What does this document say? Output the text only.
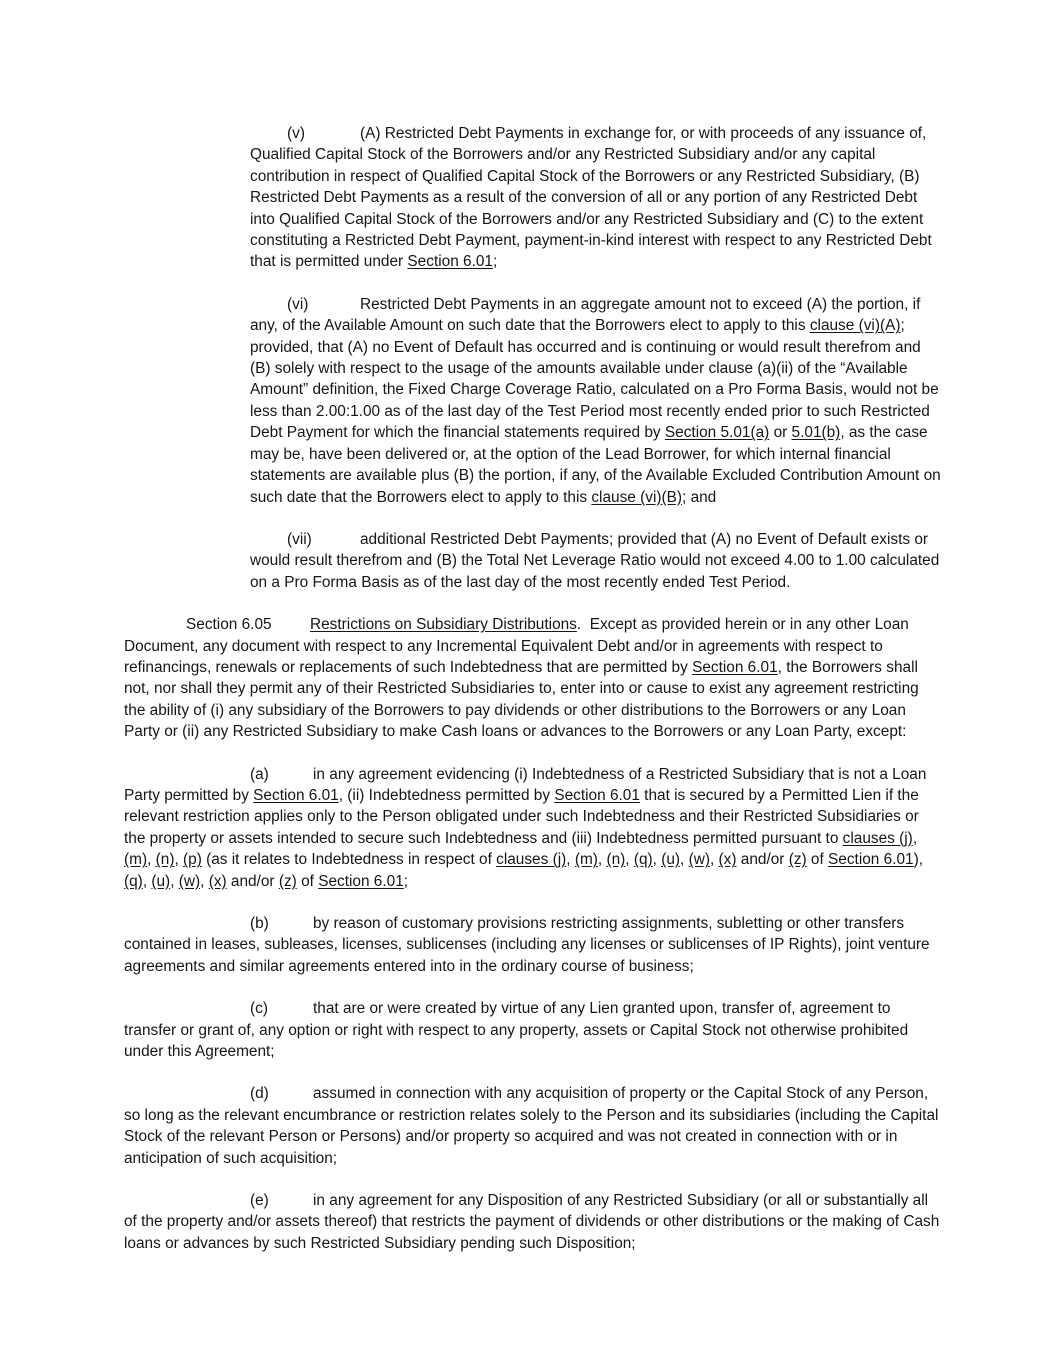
(v)	(A) Restricted Debt Payments in exchange for, or with proceeds of any issuance of, Qualified Capital Stock of the Borrowers and/or any Restricted Subsidiary and/or any capital contribution in respect of Qualified Capital Stock of the Borrowers or any Restricted Subsidiary, (B) Restricted Debt Payments as a result of the conversion of all or any portion of any Restricted Debt into Qualified Capital Stock of the Borrowers and/or any Restricted Subsidiary and (C) to the extent constituting a Restricted Debt Payment, payment-in-kind interest with respect to any Restricted Debt that is permitted under Section 6.01;

(vi)	Restricted Debt Payments in an aggregate amount not to exceed (A) the portion, if any, of the Available Amount on such date that the Borrowers elect to apply to this clause (vi)(A); provided, that (A) no Event of Default has occurred and is continuing or would result therefrom and (B) solely with respect to the usage of the amounts available under clause (a)(ii) of the “Available Amount” definition, the Fixed Charge Coverage Ratio, calculated on a Pro Forma Basis, would not be less than 2.00:1.00 as of the last day of the Test Period most recently ended prior to such Restricted Debt Payment for which the financial statements required by Section 5.01(a) or 5.01(b), as the case may be, have been delivered or, at the option of the Lead Borrower, for which internal financial statements are available plus (B) the portion, if any, of the Available Excluded Contribution Amount on such date that the Borrowers elect to apply to this clause (vi)(B); and

(vii)	additional Restricted Debt Payments; provided that (A) no Event of Default exists or would result therefrom and (B) the Total Net Leverage Ratio would not exceed 4.00 to 1.00 calculated on a Pro Forma Basis as of the last day of the most recently ended Test Period.

Section 6.05 Restrictions on Subsidiary Distributions.  Except as provided herein or in any other Loan Document, any document with respect to any Incremental Equivalent Debt and/or in agreements with respect to refinancings, renewals or replacements of such Indebtedness that are permitted by Section 6.01, the Borrowers shall not, nor shall they permit any of their Restricted Subsidiaries to, enter into or cause to exist any agreement restricting the ability of (i) any subsidiary of the Borrowers to pay dividends or other distributions to the Borrowers or any Loan Party or (ii) any Restricted Subsidiary to make Cash loans or advances to the Borrowers or any Loan Party, except:

(a)	in any agreement evidencing (i) Indebtedness of a Restricted Subsidiary that is not a Loan Party permitted by Section 6.01, (ii) Indebtedness permitted by Section 6.01 that is secured by a Permitted Lien if the relevant restriction applies only to the Person obligated under such Indebtedness and their Restricted Subsidiaries or the property or assets intended to secure such Indebtedness and (iii) Indebtedness permitted pursuant to clauses (j), (m), (n), (p) (as it relates to Indebtedness in respect of clauses (j), (m), (n), (q), (u), (w), (x) and/or (z) of Section 6.01), (q), (u), (w), (x) and/or (z) of Section 6.01;

(b)	by reason of customary provisions restricting assignments, subletting or other transfers contained in leases, subleases, licenses, sublicenses (including any licenses or sublicenses of IP Rights), joint venture agreements and similar agreements entered into in the ordinary course of business;

(c)	that are or were created by virtue of any Lien granted upon, transfer of, agreement to transfer or grant of, any option or right with respect to any property, assets or Capital Stock not otherwise prohibited under this Agreement;

(d)	assumed in connection with any acquisition of property or the Capital Stock of any Person, so long as the relevant encumbrance or restriction relates solely to the Person and its subsidiaries (including the Capital Stock of the relevant Person or Persons) and/or property so acquired and was not created in connection with or in anticipation of such acquisition;

(e)	in any agreement for any Disposition of any Restricted Subsidiary (or all or substantially all of the property and/or assets thereof) that restricts the payment of dividends or other distributions or the making of Cash loans or advances by such Restricted Subsidiary pending such Disposition;
